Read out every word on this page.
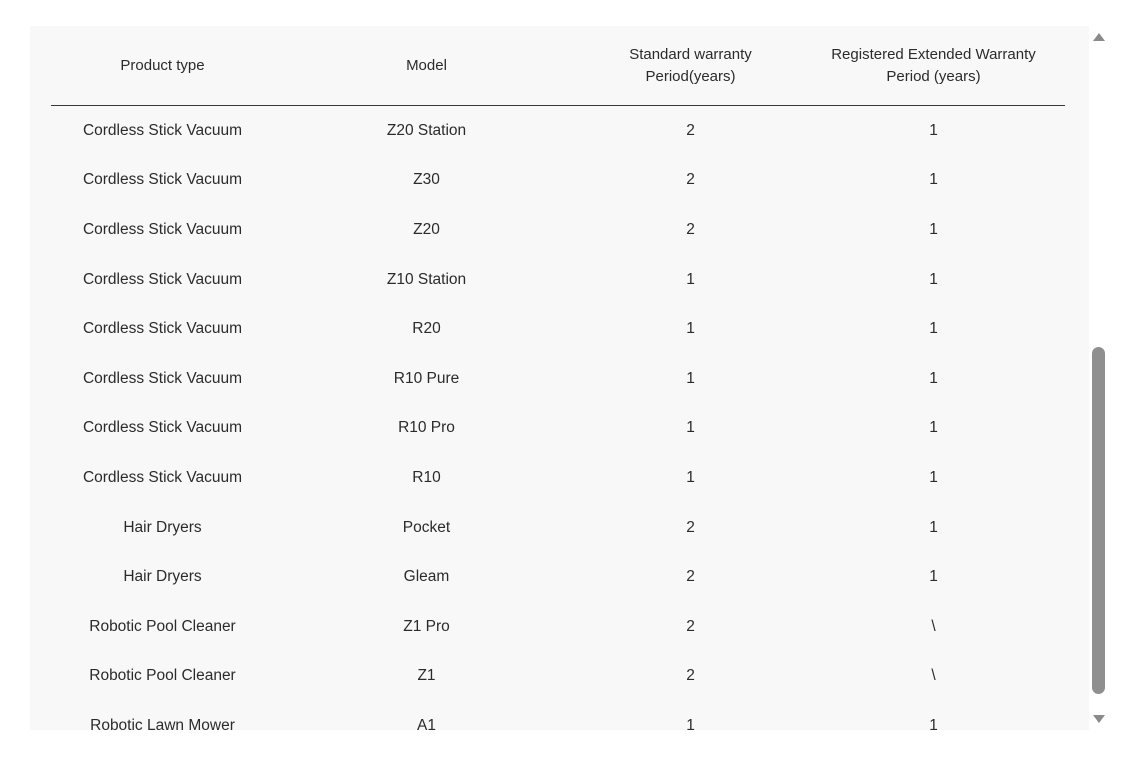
Product type	Model	Standard warranty Period(years)	Registered Extended Warranty Period (years)
Cordless Stick Vacuum	Z20 Station	2	1
Cordless Stick Vacuum	Z30	2	1
Cordless Stick Vacuum	Z20	2	1
Cordless Stick Vacuum	Z10 Station	1	1
Cordless Stick Vacuum	R20	1	1
Cordless Stick Vacuum	R10 Pure	1	1
Cordless Stick Vacuum	R10 Pro	1	1
Cordless Stick Vacuum	R10	1	1
Hair Dryers	Pocket	2	1
Hair Dryers	Gleam	2	1
Robotic Pool Cleaner	Z1 Pro	2	\
Robotic Pool Cleaner	Z1	2	\
Robotic Lawn Mower	A1	1	1
